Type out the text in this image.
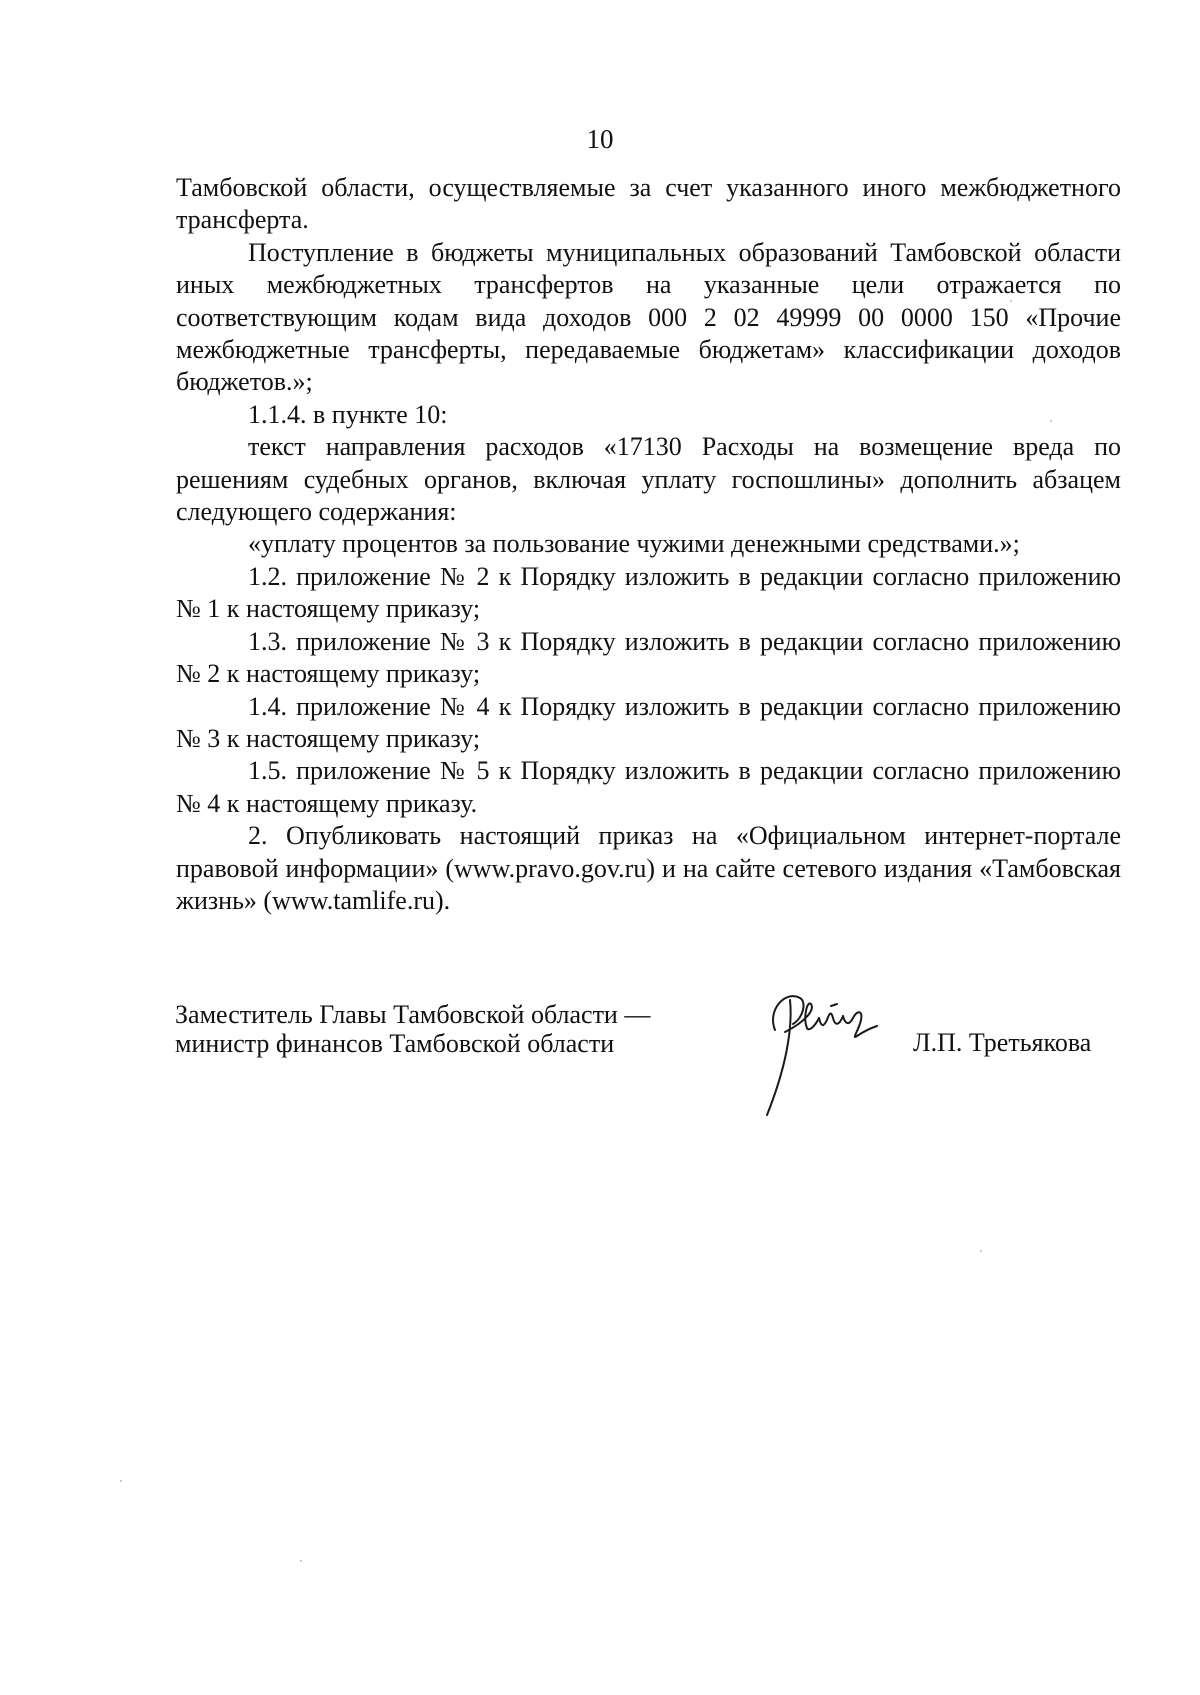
10

Тамбовской области, осуществляемые за счет указанного иного межбюджетного трансферта.

Поступление в бюджеты муниципальных образований Тамбовской области иных межбюджетных трансфертов на указанные цели отражается по соответствующим кодам вида доходов 000 2 02 49999 00 0000 150 «Прочие межбюджетные трансферты, передаваемые бюджетам» классификации доходов бюджетов.»;

1.1.4. в пункте 10:

текст направления расходов «17130 Расходы на возмещение вреда по решениям судебных органов, включая уплату госпошлины» дополнить абзацем следующего содержания:

«уплату процентов за пользование чужими денежными средствами.»;

1.2. приложение № 2 к Порядку изложить в редакции согласно приложению № 1 к настоящему приказу;

1.3. приложение № 3 к Порядку изложить в редакции согласно приложению № 2 к настоящему приказу;

1.4. приложение № 4 к Порядку изложить в редакции согласно приложению № 3 к настоящему приказу;

1.5. приложение № 5 к Порядку изложить в редакции согласно приложению № 4 к настоящему приказу.

2. Опубликовать настоящий приказ на «Официальном интернет-портале правовой информации» (www.pravo.gov.ru) и на сайте сетевого издания «Тамбовская жизнь» (www.tamlife.ru).

Заместитель Главы Тамбовской области —
министр финансов Тамбовской области	Л.П. Третьякова
